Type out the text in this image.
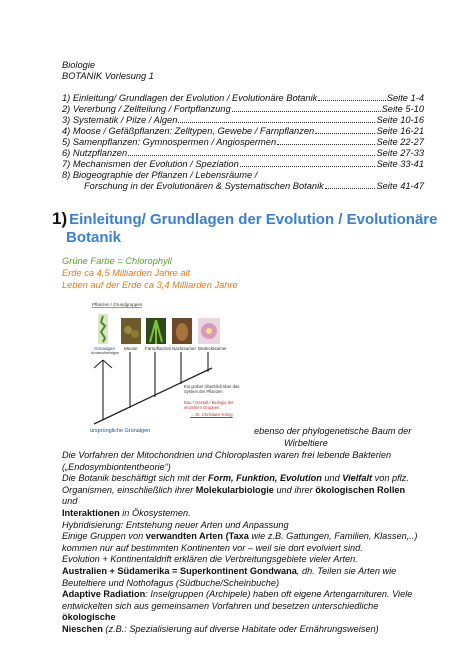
Biologie
BOTANIK Vorlesung 1
1) Einleitung/ Grundlagen der Evolution / Evolutionäre Botanik	Seite 1-4
2) Vererbung / Zellteilung / Fortpflanzung	Seite 5-10
3) Systematik / Pilze / Algen	Seite 10-16
4) Moose / Gefäßpflanzen: Zelltypen, Gewebe / Farnpflanzen	Seite 16-21
5) Samenpflanzen: Gymnospermen / Angiospermen	Seite 22-27
6) Nutzpflanzen	Seite 27-33
7) Mechanismen der Evolution / Speziation	Seite 33-41
8) Biogeographie der Pflanzen / Lebensräume /
Forschung in der Evolutionären & Systematischen Botanik	Seite 41-47
1) Einleitung/ Grundlagen der Evolution / Evolutionäre
Botanik
Grüne Farbe = Chlorophyll
Erde ca 4,5 Milliarden Jahre alt
Leben auf der Erde ca 3,4 Milliarden Jahre
Pflanzen / Grundgruppen
Grünalgen
Armleuchteralgen
Moose Farnpflanzen Nacktsamer Bedecktsamer
Ein grober Überblick über das System der Pflanzen
Bau / Gestalt / Biologie der einzelnen Gruppen:
→ Dr. Christiane König
ursprüngliche Grünalgen	ebenso der phylogenetische Baum der
Wirbeltiere
Die Vorfahren der Mitochondrien und Chloroplasten waren frei lebende Bakterien
(„Endosymbiontentheorie“)
Die Botanik beschäftigt sich mit der Form, Funktion, Evolution und Vielfalt von pflz.
Organismen, einschließlich ihrer Molekularbiologie und ihrer ökologischen Rollen und
Interaktionen in Ökosystemen.
Hybridisierung: Entstehung neuer Arten und Anpassung
Einige Gruppen von verwandten Arten (Taxa wie z.B. Gattungen, Familien, Klassen,..)
kommen nur auf bestimmten Kontinenten vor – weil sie dort evolviert sind.
Evolution + Kontinentaldrift erklären die Verbreitungsgebiete vieler Arten.
Australien + Südamerika = Superkontinent Gondwana, dh. Teilen sie Arten wie
Beuteltiere und Nothofagus (Südbuche/Scheinbuche)
Adaptive Radiation: Inselgruppen (Archipele) haben oft eigene Artengarnituren. Viele
entwickelten sich aus gemeinsamen Vorfahren und besetzen unterschiedliche ökologische
Nieschen (z.B.: Spezialisierung auf diverse Habitate oder Ernährungsweisen)
